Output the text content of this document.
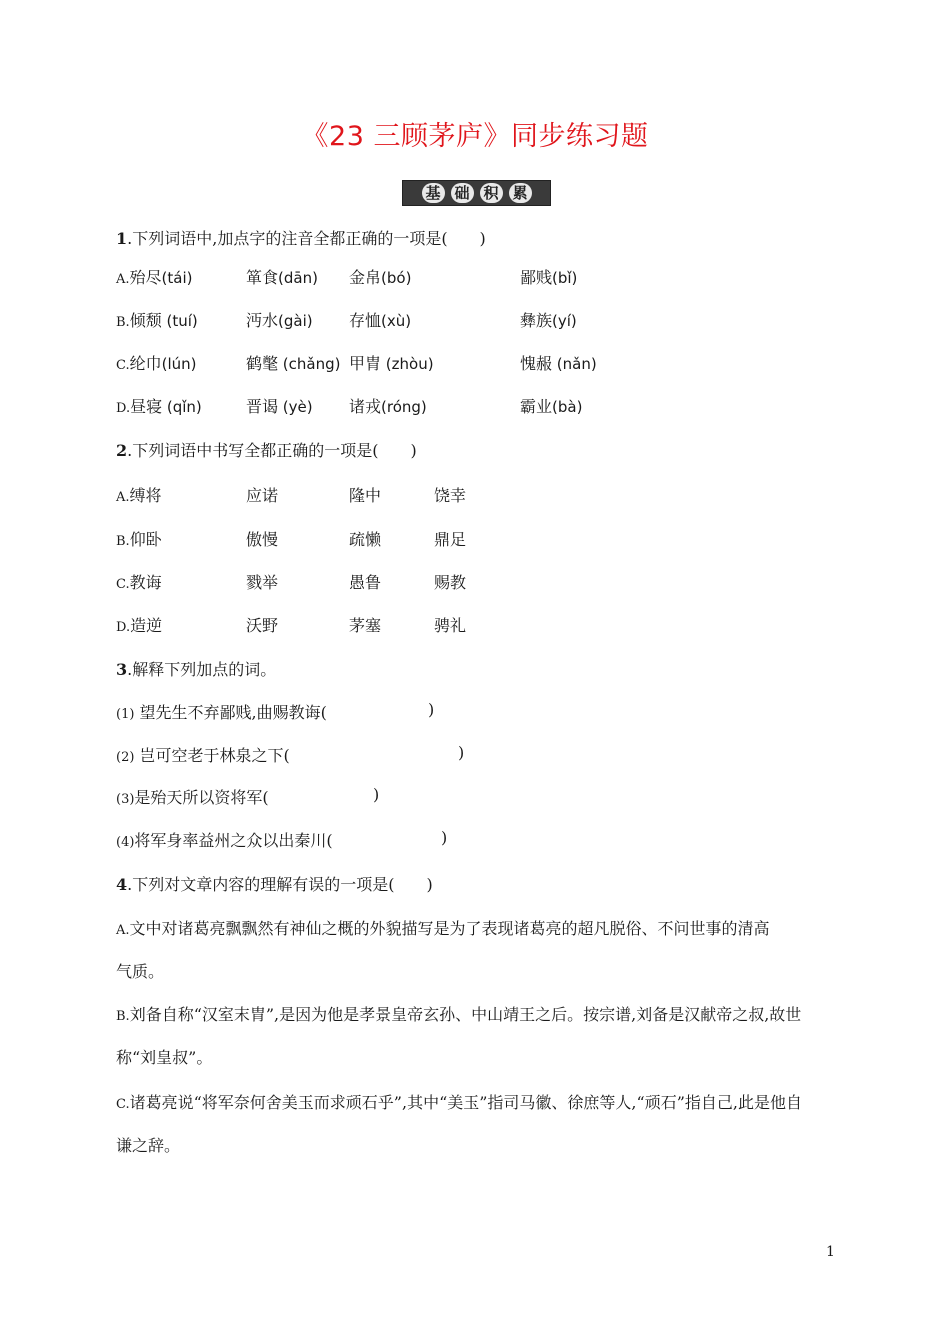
《23 三顾茅庐》同步练习题
基 础 积 累
1.下列词语中,加点字的注音全都正确的一项是(　　)
A.殆尽(tái)	箪食(dān) 金帛(bó)	鄙贱(bǐ)
B.倾颓 (tuí)	沔水(gài) 存恤(xù)	彝族(yí)
C.纶巾(lún)	鹤氅 (chǎng) 甲胄 (zhòu)	愧赧 (nǎn)
D.昼寝 (qǐn)	晋谒 (yè) 诸戎(róng)	霸业(bà)
2.下列词语中书写全都正确的一项是(　　)
A.缚将	应诺	隆中	饶幸
B.仰卧	傲慢	疏懒	鼎足
C.教诲	戮举	愚鲁	赐教
D.造逆	沃野	茅塞	骋礼
3.解释下列加点的词。
(1) 望先生不弃鄙贱,曲赐教诲(	)
(2) 岂可空老于林泉之下(	)
(3)是殆天所以资将军(	)
(4)将军身率益州之众以出秦川(	)
4.下列对文章内容的理解有误的一项是(　　)
A.文中对诸葛亮飘飘然有神仙之概的外貌描写是为了表现诸葛亮的超凡脱俗、不问世事的清高
气质。
B.刘备自称“汉室末胄”,是因为他是孝景皇帝玄孙、中山靖王之后。按宗谱,刘备是汉献帝之叔,故世
称“刘皇叔”。
C.诸葛亮说“将军奈何舍美玉而求顽石乎”,其中“美玉”指司马徽、徐庶等人,“顽石”指自己,此是他自
谦之辞。
1
